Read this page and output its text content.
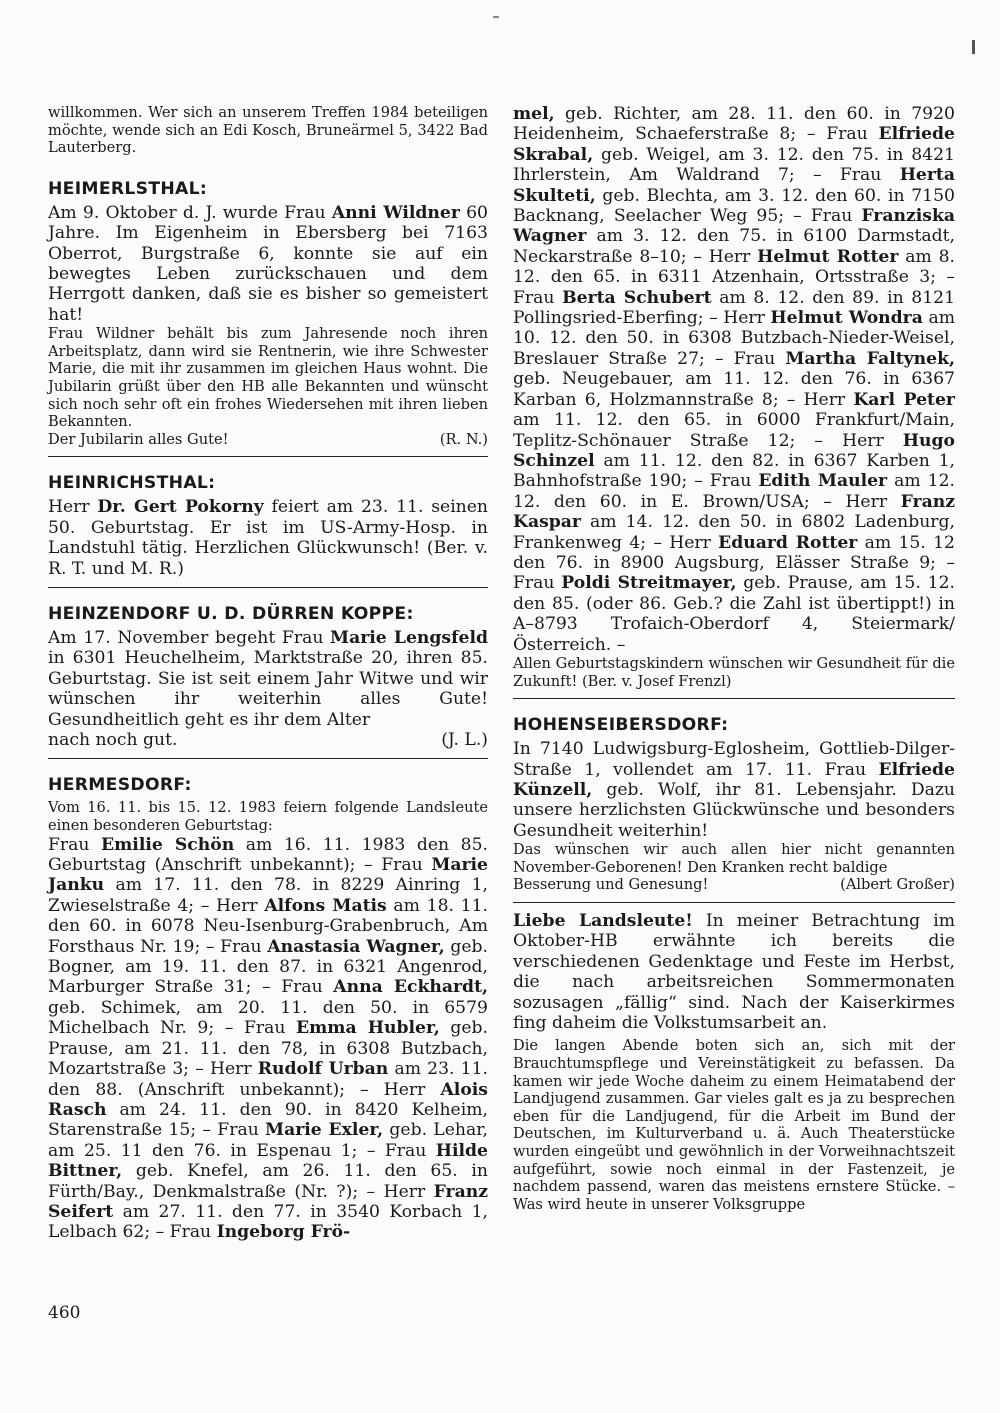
willkommen. Wer sich an unserem Treffen 1984 beteiligen möchte, wende sich an Edi Kosch, Bruneärmel 5, 3422 Bad Lauterberg.

HEIMERLSTHAL:

Am 9. Oktober d. J. wurde Frau Anni Wildner 60 Jahre. Im Eigenheim in Ebersberg bei 7163 Oberrot, Burgstraße 6, konnte sie auf ein bewegtes Leben zurückschauen und dem Herrgott danken, daß sie es bisher so gemeistert hat!

Frau Wildner behält bis zum Jahresende noch ihren Arbeitsplatz, dann wird sie Rentnerin, wie ihre Schwester Marie, die mit ihr zusammen im gleichen Haus wohnt. Die Jubilarin grüßt über den HB alle Bekannten und wünscht sich noch sehr oft ein frohes Wiedersehen mit ihren lieben Bekannten.

Der Jubilarin alles Gute!	(R. N.)

HEINRICHSTHAL:

Herr Dr. Gert Pokorny feiert am 23. 11. seinen 50. Geburtstag. Er ist im US-Army-Hosp. in Landstuhl tätig. Herzlichen Glückwunsch! (Ber. v. R. T. und M. R.)

HEINZENDORF U. D. DÜRREN KOPPE:

Am 17. November begeht Frau Marie Lengsfeld in 6301 Heuchelheim, Marktstraße 20, ihren 85. Geburtstag. Sie ist seit einem Jahr Witwe und wir wünschen ihr weiterhin alles Gute! Gesundheitlich geht es ihr dem Alter

nach noch gut.	(J. L.)

HERMESDORF:

Vom 16. 11. bis 15. 12. 1983 feiern folgende Landsleute einen besonderen Geburtstag:

Frau Emilie Schön am 16. 11. 1983 den 85. Geburtstag (Anschrift unbekannt); – Frau Marie Janku am 17. 11. den 78. in 8229 Ainring 1, Zwieselstraße 4; – Herr Alfons Matis am 18. 11. den 60. in 6078 Neu-Isenburg-Grabenbruch, Am Forsthaus Nr. 19; – Frau Anastasia Wagner, geb. Bogner, am 19. 11. den 87. in 6321 Angenrod, Marburger Straße 31; – Frau Anna Eckhardt, geb. Schimek, am 20. 11. den 50. in 6579 Michelbach Nr. 9; – Frau Emma Hubler, geb. Prause, am 21. 11. den 78, in 6308 Butzbach, Mozartstraße 3; – Herr Rudolf Urban am 23. 11. den 88. (Anschrift unbekannt); – Herr Alois Rasch am 24. 11. den 90. in 8420 Kelheim, Starenstraße 15; – Frau Marie Exler, geb. Lehar, am 25. 11 den 76. in Espenau 1; – Frau Hilde Bittner, geb. Knefel, am 26. 11. den 65. in Fürth/Bay., Denkmalstraße (Nr. ?); – Herr Franz Seifert am 27. 11. den 77. in 3540 Korbach 1, Lelbach 62; – Frau Ingeborg Frö-

mel, geb. Richter, am 28. 11. den 60. in 7920 Heidenheim, Schaeferstraße 8; – Frau Elfriede Skrabal, geb. Weigel, am 3. 12. den 75. in 8421 Ihrlerstein, Am Waldrand 7; – Frau Herta Skulteti, geb. Blechta, am 3. 12. den 60. in 7150 Backnang, Seelacher Weg 95; – Frau Franziska Wagner am 3. 12. den 75. in 6100 Darmstadt, Neckarstraße 8–10; – Herr Helmut Rotter am 8. 12. den 65. in 6311 Atzenhain, Ortsstraße 3; – Frau Berta Schubert am 8. 12. den 89. in 8121 Pollingsried-Eberfing; – Herr Helmut Wondra am 10. 12. den 50. in 6308 Butzbach-Nieder-Weisel, Breslauer Straße 27; – Frau Martha Faltynek, geb. Neugebauer, am 11. 12. den 76. in 6367 Karban 6, Holzmannstraße 8; – Herr Karl Peter am 11. 12. den 65. in 6000 Frankfurt/Main, Teplitz-Schönauer Straße 12; – Herr Hugo Schinzel am 11. 12. den 82. in 6367 Karben 1, Bahnhofstraße 190; – Frau Edith Mauler am 12. 12. den 60. in E. Brown/USA; – Herr Franz Kaspar am 14. 12. den 50. in 6802 Ladenburg, Frankenweg 4; – Herr Eduard Rotter am 15. 12 den 76. in 8900 Augsburg, Elässer Straße 9; – Frau Poldi Streitmayer, geb. Prause, am 15. 12. den 85. (oder 86. Geb.? die Zahl ist übertippt!) in A–8793 Trofaich-Oberdorf 4, Steiermark/Österreich. –

Allen Geburtstagskindern wünschen wir Gesundheit für die Zukunft! (Ber. v. Josef Frenzl)

HOHENSEIBERSDORF:

In 7140 Ludwigsburg-Eglosheim, Gottlieb-Dilger-Straße 1, vollendet am 17. 11. Frau Elfriede Künzell, geb. Wolf, ihr 81. Lebensjahr. Dazu unsere herzlichsten Glückwünsche und besonders Gesundheit weiterhin!

Das wünschen wir auch allen hier nicht genannten November-Geborenen! Den Kranken recht baldige

Besserung und Genesung!	(Albert Großer)

Liebe Landsleute! In meiner Betrachtung im Oktober-HB erwähnte ich bereits die verschiedenen Gedenktage und Feste im Herbst, die nach arbeitsreichen Sommermonaten sozusagen „fällig“ sind. Nach der Kaiserkirmes fing daheim die Volkstumsarbeit an.

Die langen Abende boten sich an, sich mit der Brauchtumspflege und Vereinstätigkeit zu befassen. Da kamen wir jede Woche daheim zu einem Heimatabend der Landjugend zusammen. Gar vieles galt es ja zu besprechen eben für die Landjugend, für die Arbeit im Bund der Deutschen, im Kulturverband u. ä. Auch Theaterstücke wurden eingeübt und gewöhnlich in der Vorweihnachtszeit aufgeführt, sowie noch einmal in der Fastenzeit, je nachdem passend, waren das meistens ernstere Stücke. – Was wird heute in unserer Volksgruppe

460
